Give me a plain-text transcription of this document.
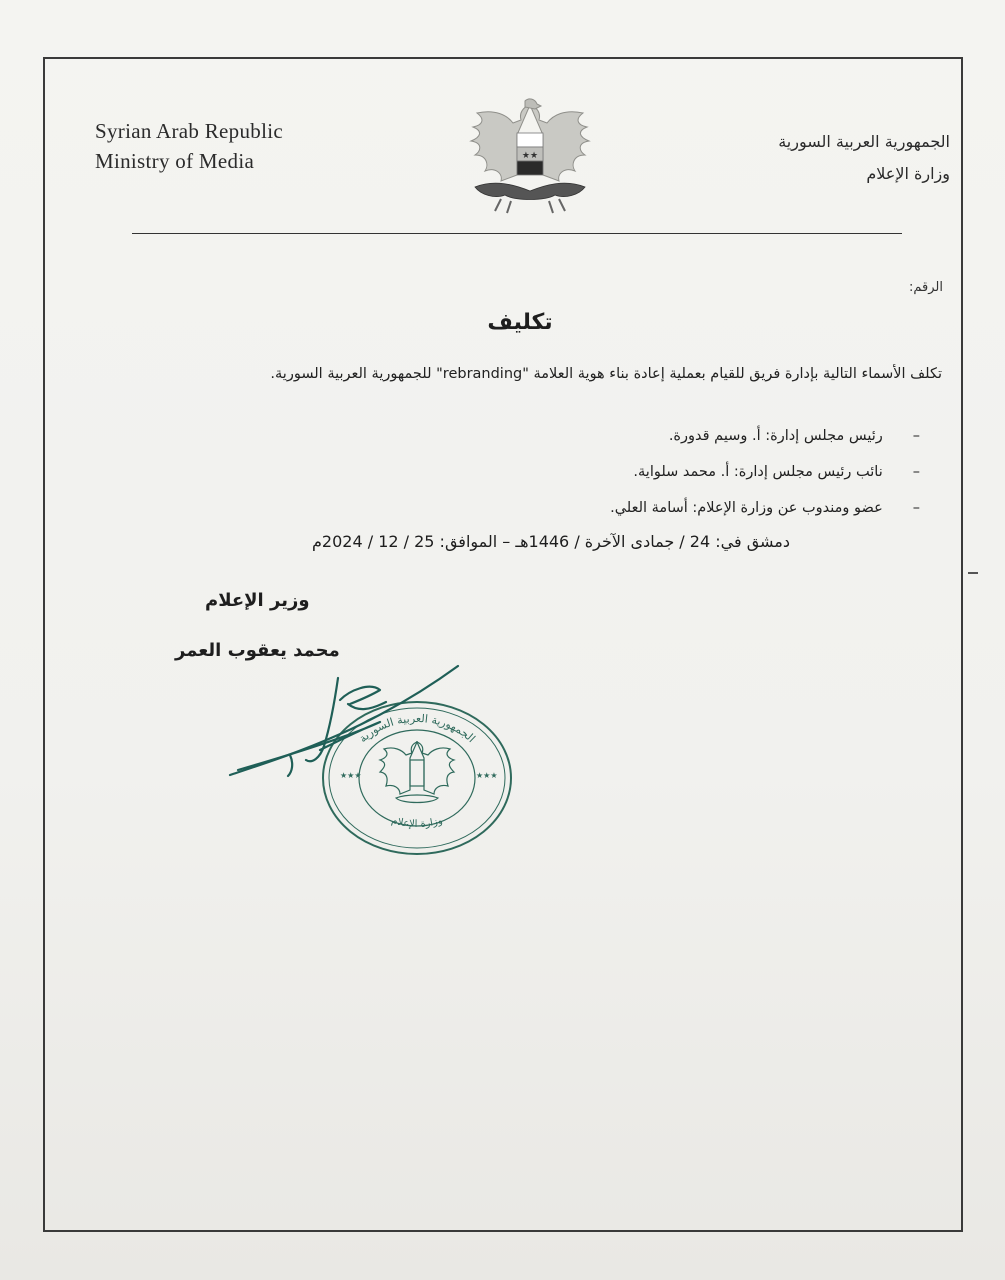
Syrian Arab Republic
Ministry of Media	★★
الجمهورية العربية السورية
وزارة الإعلام
الرقم:
تكليف
تكلف الأسماء التالية بإدارة فريق للقيام بعملية إعادة بناء هوية العلامة "rebranding" للجمهورية العربية السورية.
–
رئيس مجلس إدارة: أ. وسيم قدورة.
–
نائب رئيس مجلس إدارة: أ. محمد سلواية.
–
عضو ومندوب عن وزارة الإعلام: أسامة العلي.
دمشق في: 24 / جمادى الآخرة / 1446هـ – الموافق: 25 / 12 / 2024م
وزير الإعلام
محمد يعقوب العمر
الجمهورية العربية السورية
وزارة الإعلام
★★★	★★★
